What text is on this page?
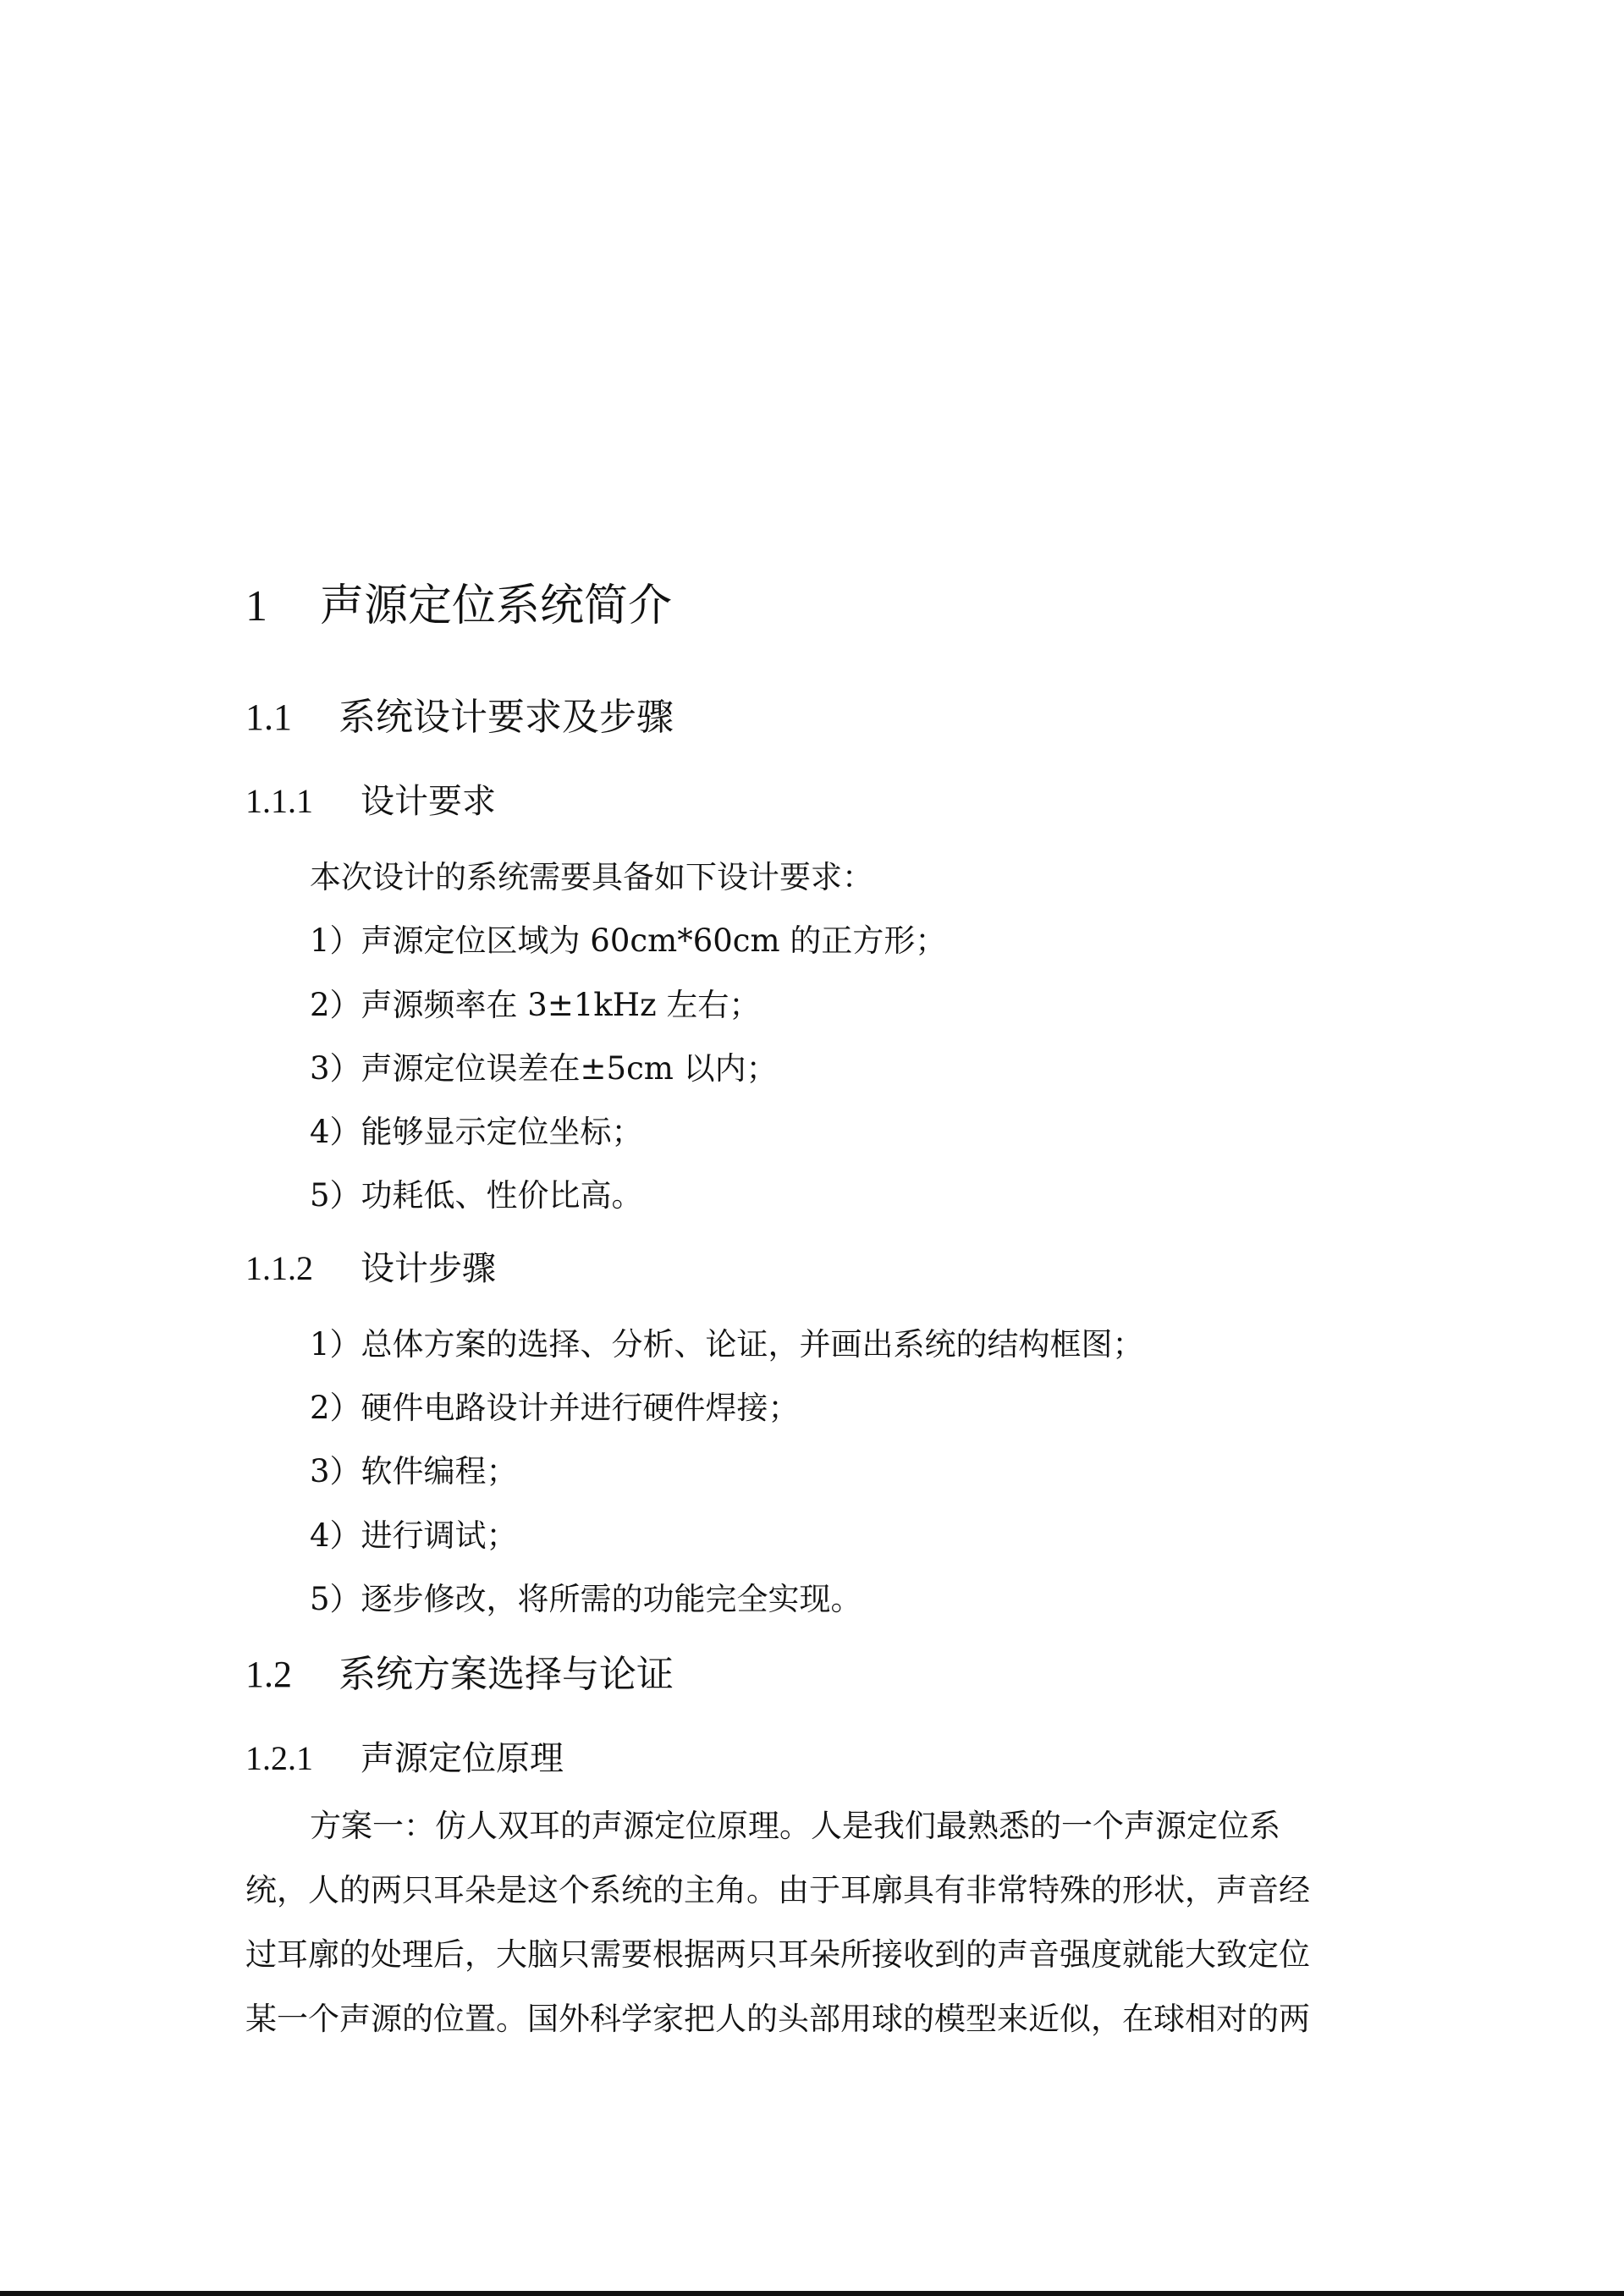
1 声源定位系统简介
1.1 系统设计要求及步骤
1.1.1 设计要求
本次设计的系统需要具备如下设计要求：
1）声源定位区域为 60cm*60cm 的正方形；
2）声源频率在 3±1kHz 左右；
3）声源定位误差在±5cm 以内；
4）能够显示定位坐标；
5）功耗低、性价比高。
1.1.2 设计步骤
1）总体方案的选择、分析、论证，并画出系统的结构框图；
2）硬件电路设计并进行硬件焊接；
3）软件编程；
4）进行调试；
5）逐步修改，将所需的功能完全实现。
1.2 系统方案选择与论证
1.2.1 声源定位原理
方案一：仿人双耳的声源定位原理。人是我们最熟悉的一个声源定位系
统，人的两只耳朵是这个系统的主角。由于耳廓具有非常特殊的形状，声音经
过耳廓的处理后，大脑只需要根据两只耳朵所接收到的声音强度就能大致定位
某一个声源的位置。国外科学家把人的头部用球的模型来近似，在球相对的两
